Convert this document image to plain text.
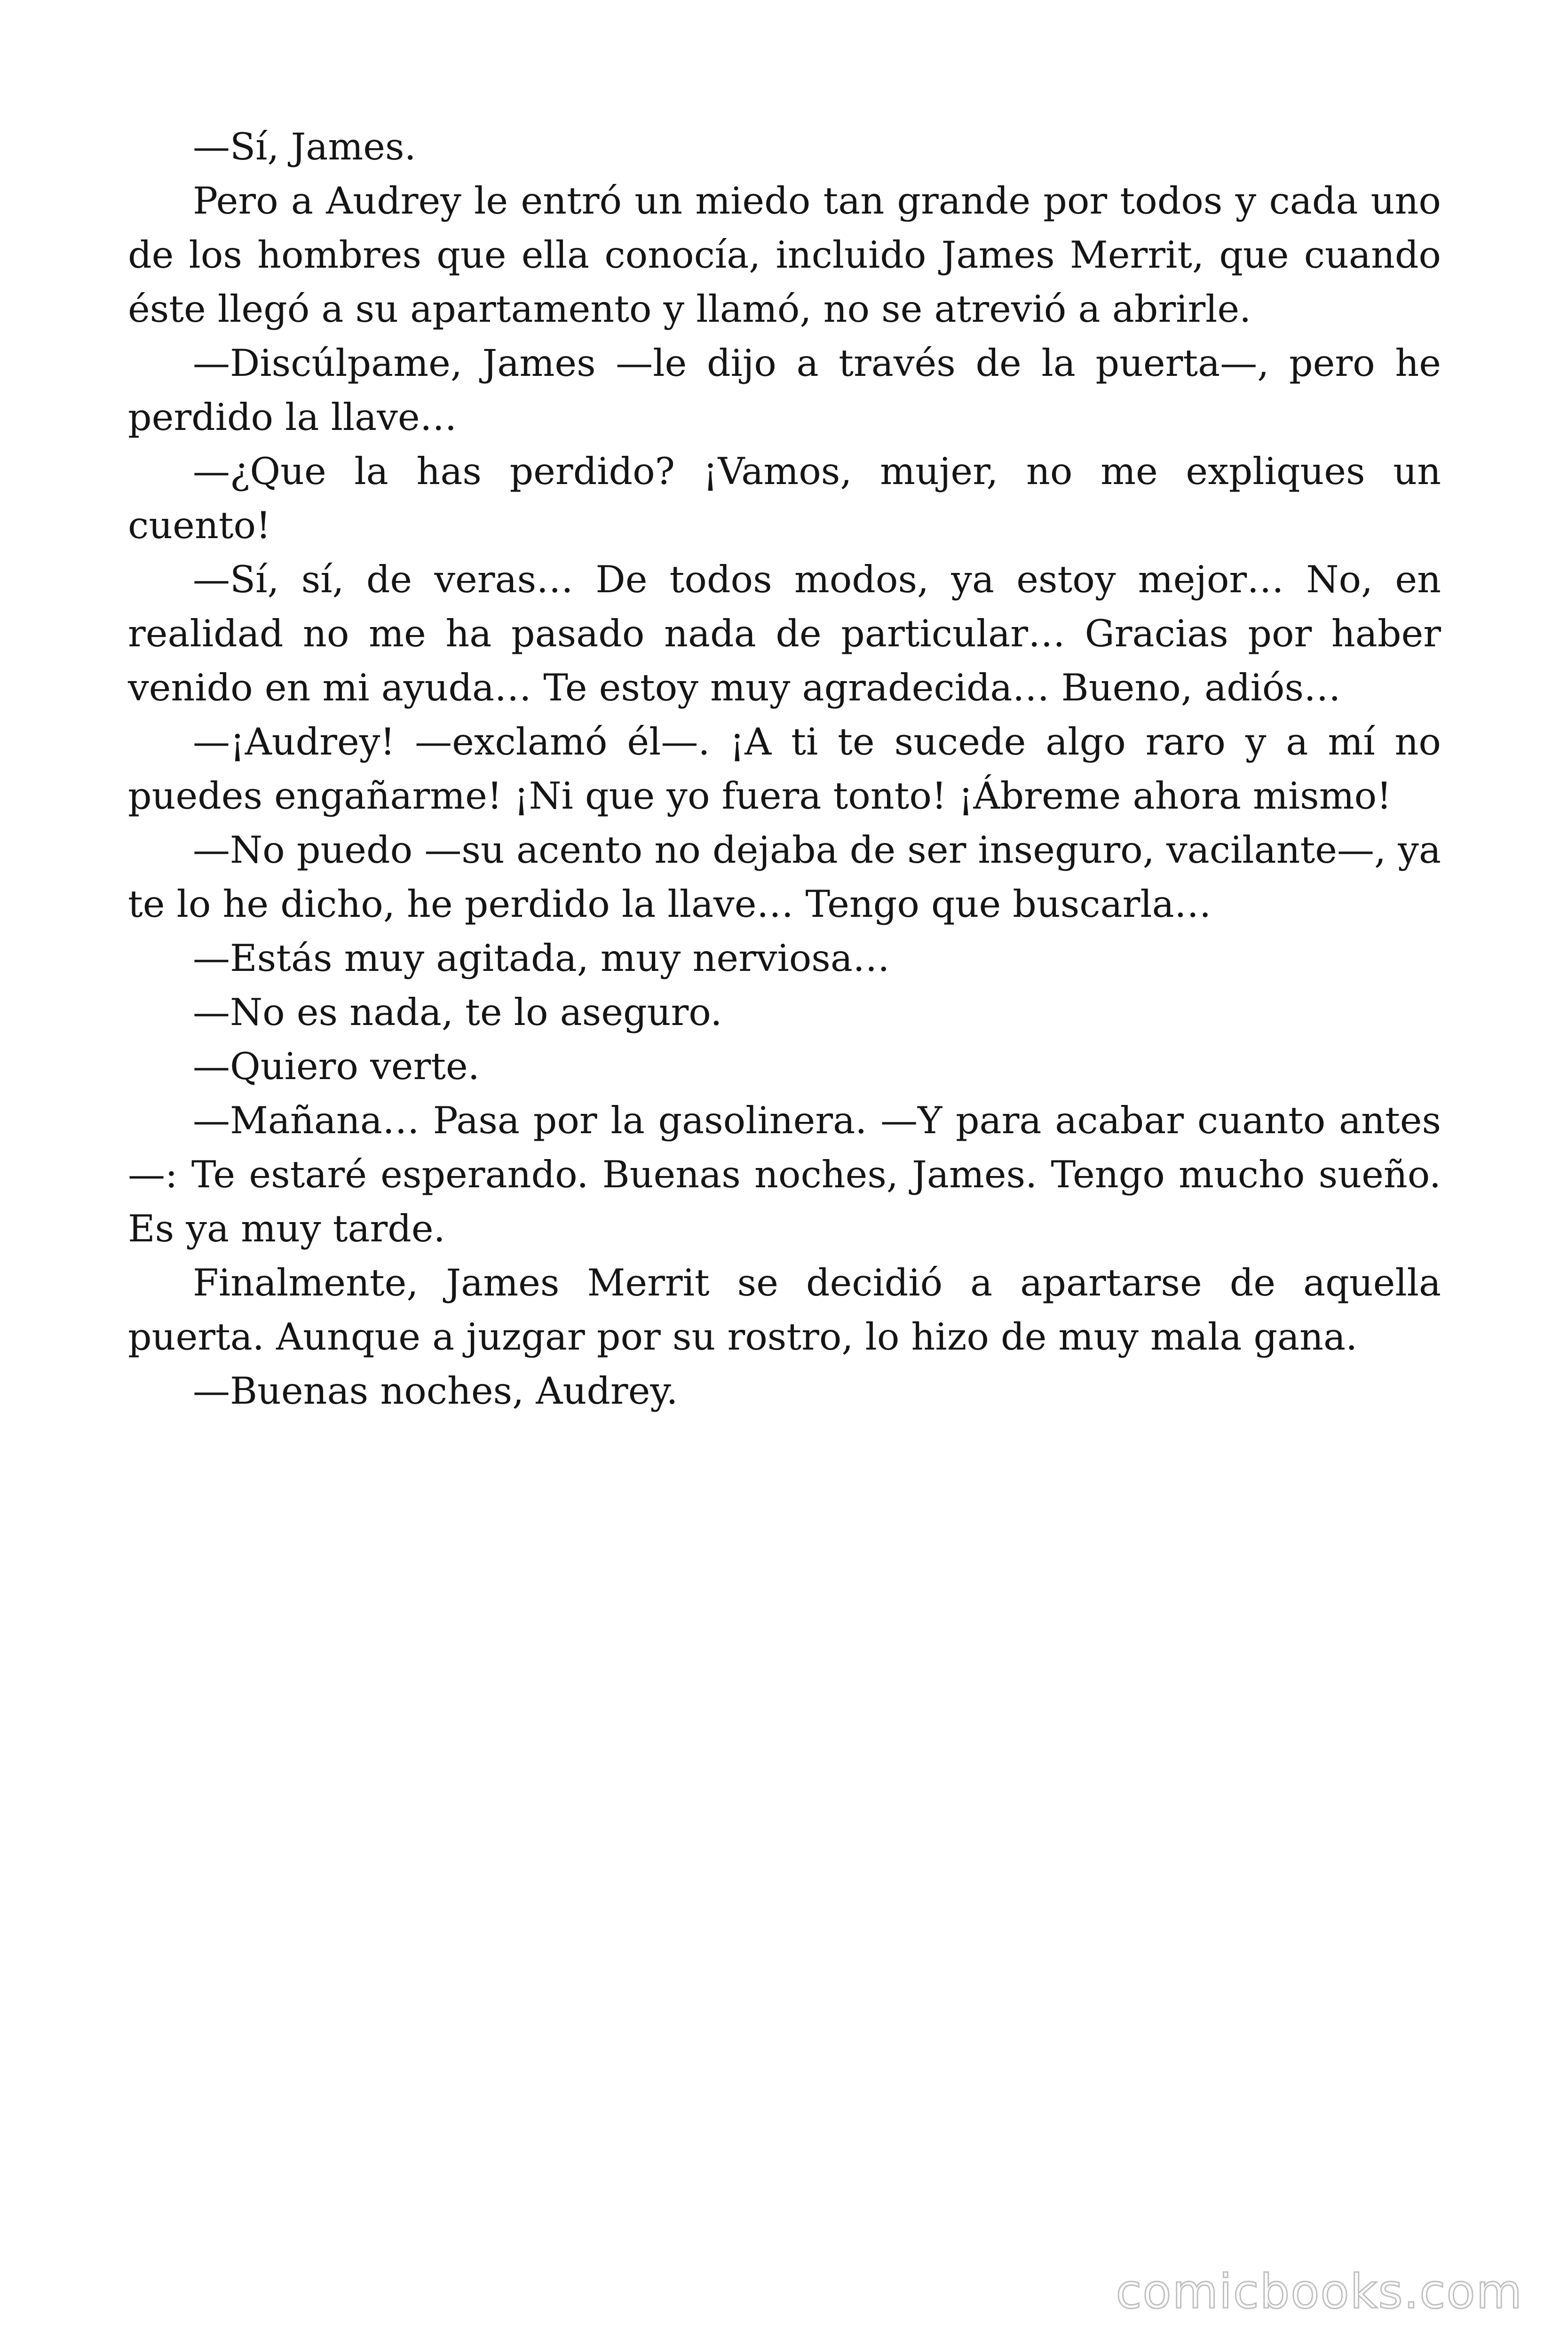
—Sí, James.

Pero a Audrey le entró un miedo tan grande por todos y cada uno de los hombres que ella conocía, incluido James Merrit, que cuando éste llegó a su apartamento y llamó, no se atrevió a abrirle.

—Discúlpame, James —le dijo a través de la puerta—, pero he perdido la llave…

—¿Que la has perdido? ¡Vamos, mujer, no me expliques un cuento!

—Sí, sí, de veras… De todos modos, ya estoy mejor… No, en realidad no me ha pasado nada de particular… Gracias por haber venido en mi ayuda… Te estoy muy agradecida… Bueno, adiós…

—¡Audrey! —exclamó él—. ¡A ti te sucede algo raro y a mí no puedes engañarme! ¡Ni que yo fuera tonto! ¡Ábreme ahora mismo!

—No puedo —su acento no dejaba de ser inseguro, vacilante—, ya te lo he dicho, he perdido la llave… Tengo que buscarla…

—Estás muy agitada, muy nerviosa…

—No es nada, te lo aseguro.

—Quiero verte.

—Mañana… Pasa por la gasolinera. —Y para acabar cuanto antes—: Te estaré esperando. Buenas noches, James. Tengo mucho sueño. Es ya muy tarde.

Finalmente, James Merrit se decidió a apartarse de aquella puerta. Aunque a juzgar por su rostro, lo hizo de muy mala gana.

—Buenas noches, Audrey.

comicbooks.com
